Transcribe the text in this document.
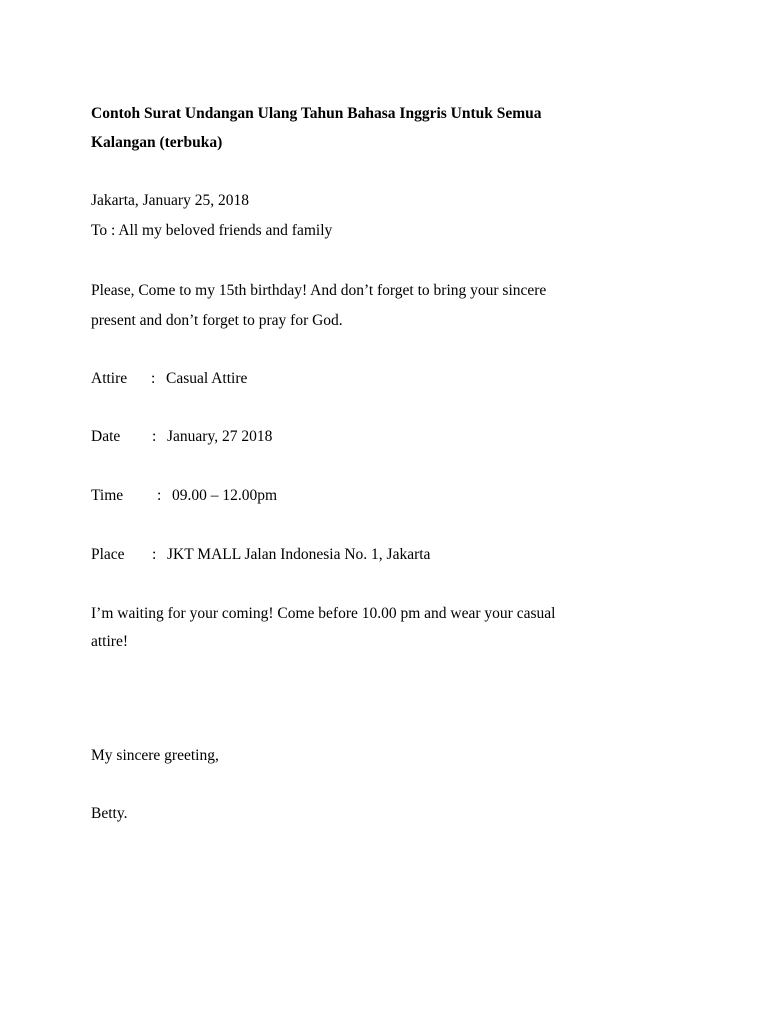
Contoh Surat Undangan Ulang Tahun Bahasa Inggris Untuk Semua
Kalangan (terbuka)
Jakarta, January 25, 2018
To : All my beloved friends and family
Please, Come to my 15th birthday! And don’t forget to bring your sincere
present and don’t forget to pray for God.
Attire : Casual Attire
Date : January, 27 2018
Time : 09.00 – 12.00pm
Place : JKT MALL Jalan Indonesia No. 1, Jakarta
I’m waiting for your coming! Come before 10.00 pm and wear your casual
attire!
My sincere greeting,
Betty.
